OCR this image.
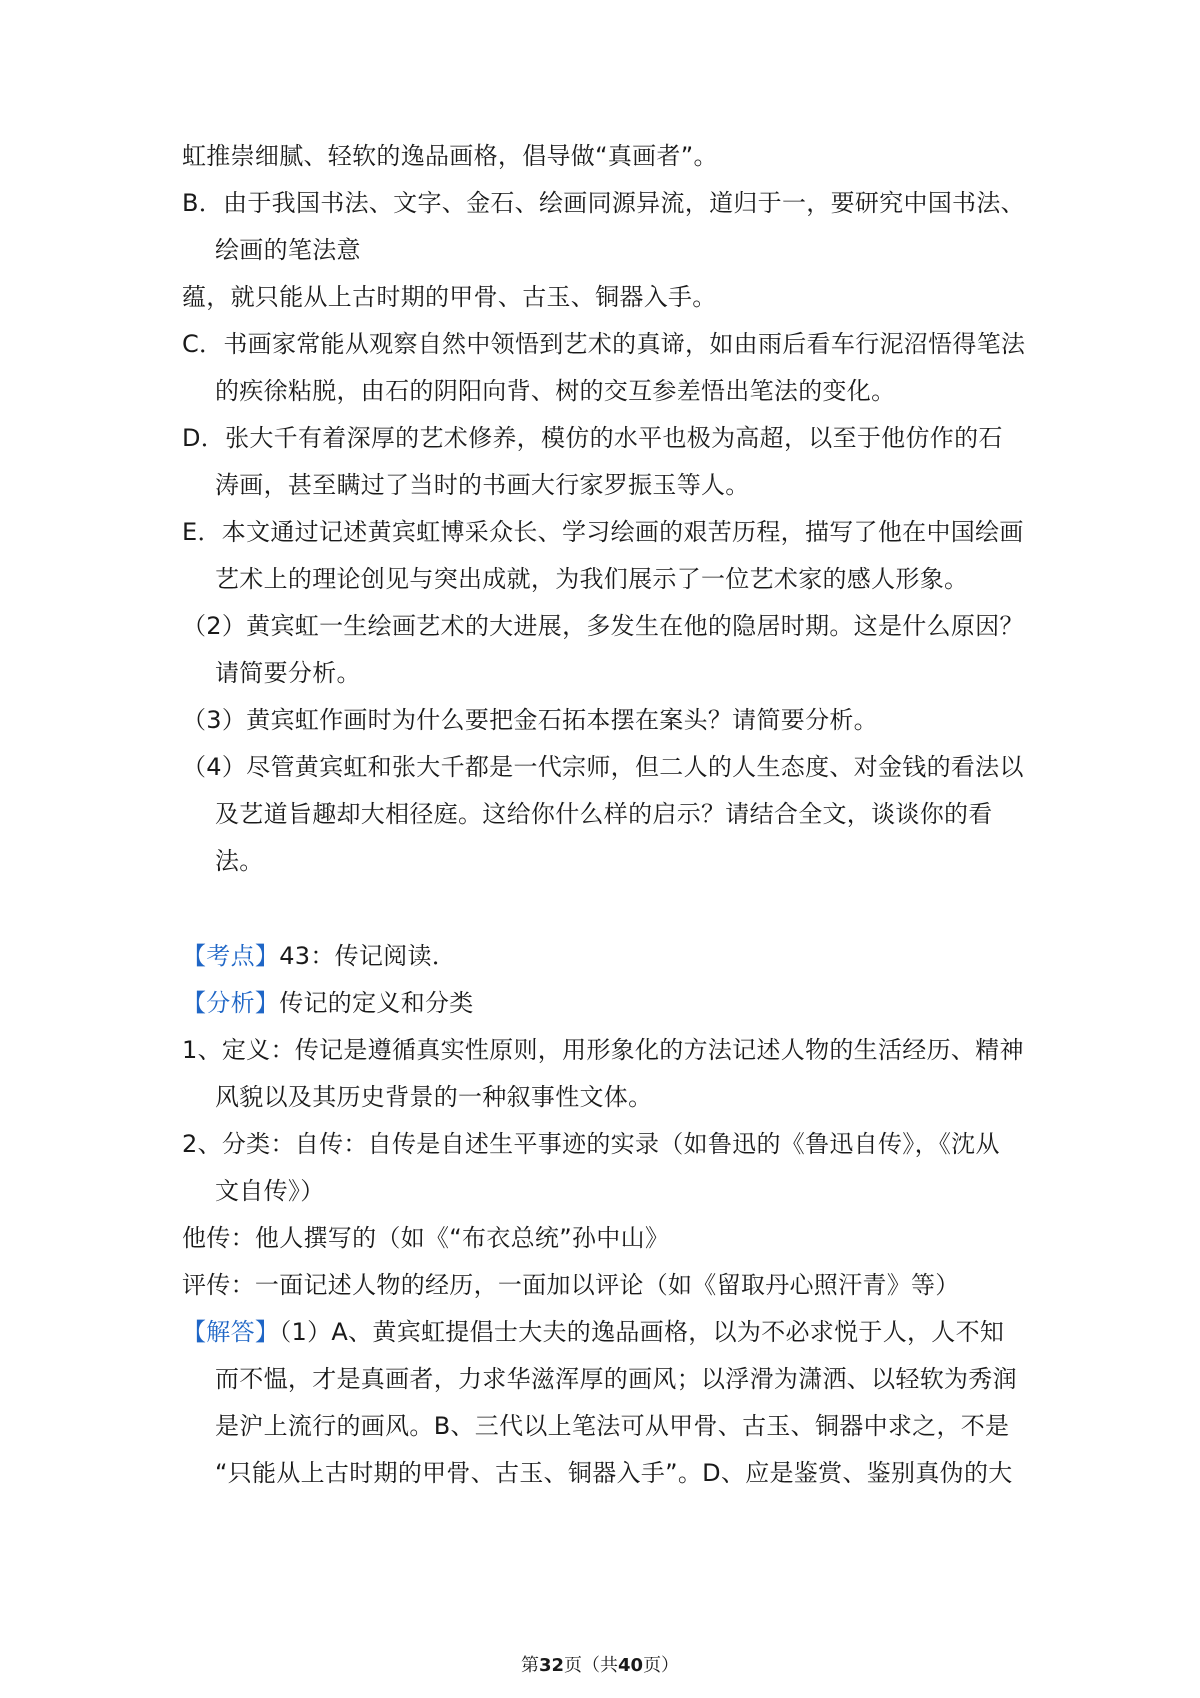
虹推崇细腻、轻软的逸品画格，倡导做“真画者”。
B．由于我国书法、文字、金石、绘画同源异流，道归于一，要研究中国书法、
绘画的笔法意
蕴，就只能从上古时期的甲骨、古玉、铜器入手。
C．书画家常能从观察自然中领悟到艺术的真谛，如由雨后看车行泥沼悟得笔法
的疾徐粘脱，由石的阴阳向背、树的交互参差悟出笔法的变化。
D．张大千有着深厚的艺术修养，模仿的水平也极为高超，以至于他仿作的石
涛画，甚至瞒过了当时的书画大行家罗振玉等人。
E．本文通过记述黄宾虹博采众长、学习绘画的艰苦历程，描写了他在中国绘画
艺术上的理论创见与突出成就，为我们展示了一位艺术家的感人形象。
（2）黄宾虹一生绘画艺术的大进展，多发生在他的隐居时期。这是什么原因？
请简要分析。
（3）黄宾虹作画时为什么要把金石拓本摆在案头？请简要分析。
（4）尽管黄宾虹和张大千都是一代宗师，但二人的人生态度、对金钱的看法以
及艺道旨趣却大相径庭。这给你什么样的启示？请结合全文，谈谈你的看
法。
【考点】43：传记阅读．
【分析】传记的定义和分类
1、定义：传记是遵循真实性原则，用形象化的方法记述人物的生活经历、精神
风貌以及其历史背景的一种叙事性文体。
2、分类：自传：自传是自述生平事迹的实录（如鲁迅的《鲁迅自传》，《沈从
文自传》）
他传：他人撰写的（如《“布衣总统”孙中山》
评传：一面记述人物的经历，一面加以评论（如《留取丹心照汗青》等）
【解答】（1）A、黄宾虹提倡士大夫的逸品画格，以为不必求悦于人，人不知
而不愠，才是真画者，力求华滋浑厚的画风；以浮滑为潇洒、以轻软为秀润
是沪上流行的画风。B、三代以上笔法可从甲骨、古玉、铜器中求之，不是
“只能从上古时期的甲骨、古玉、铜器入手”。D、应是鉴赏、鉴别真伪的大
第32页（共40页）
